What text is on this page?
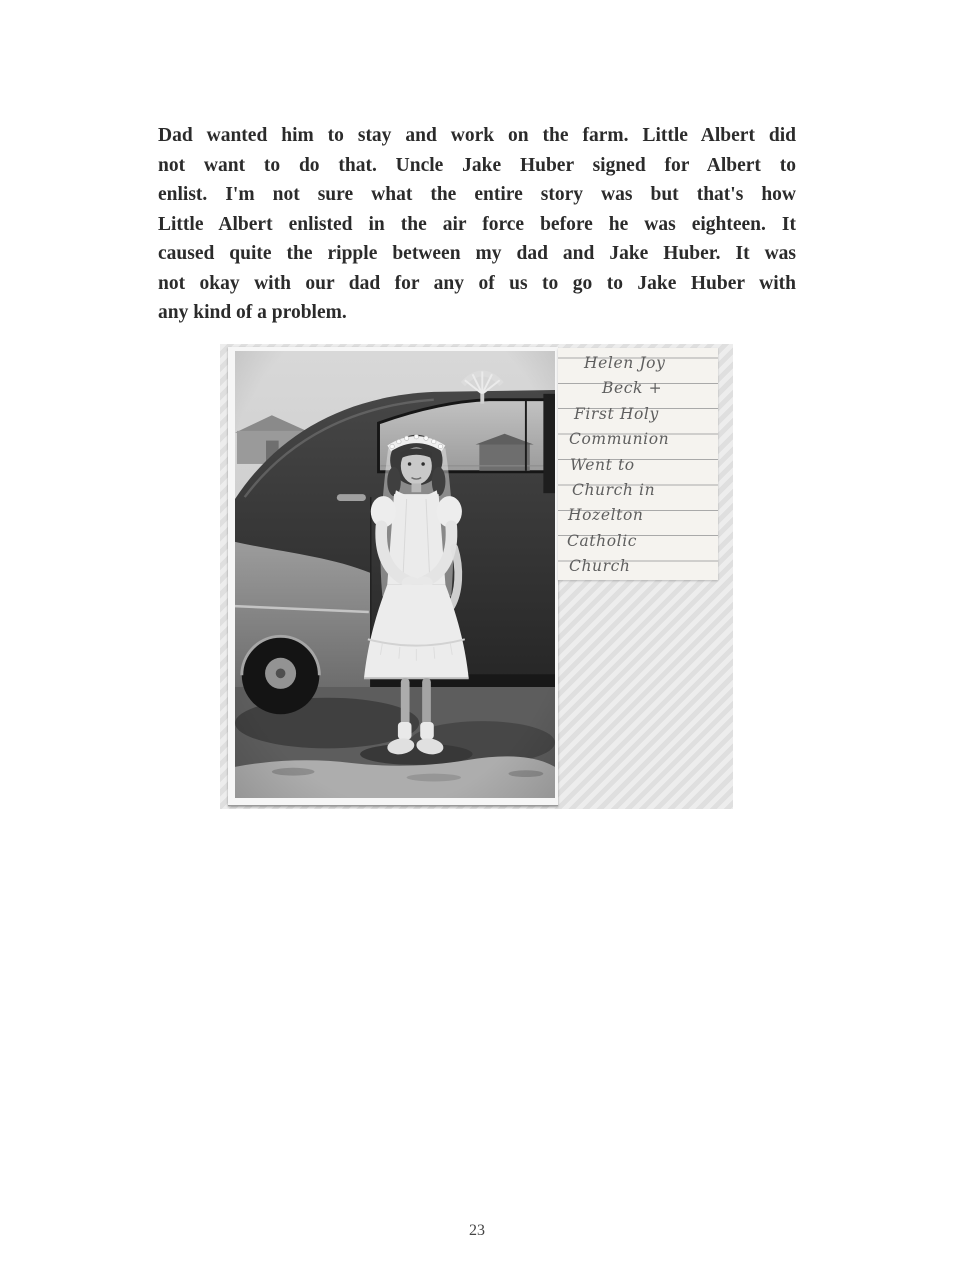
Dad wanted him to stay and work on the farm. Little Albert did
not want to do that. Uncle Jake Huber signed for Albert to
enlist. I'm not sure what the entire story was but that's how
Little Albert enlisted in the air force before he was eighteen. It
caused quite the ripple between my dad and Jake Huber. It was
not okay with our dad for any of us to go to Jake Huber with
any kind of a problem.
Helen Joy
Beck +
First Holy
Communion
Went to
Church in
Hozelton
Catholic
Church
23
